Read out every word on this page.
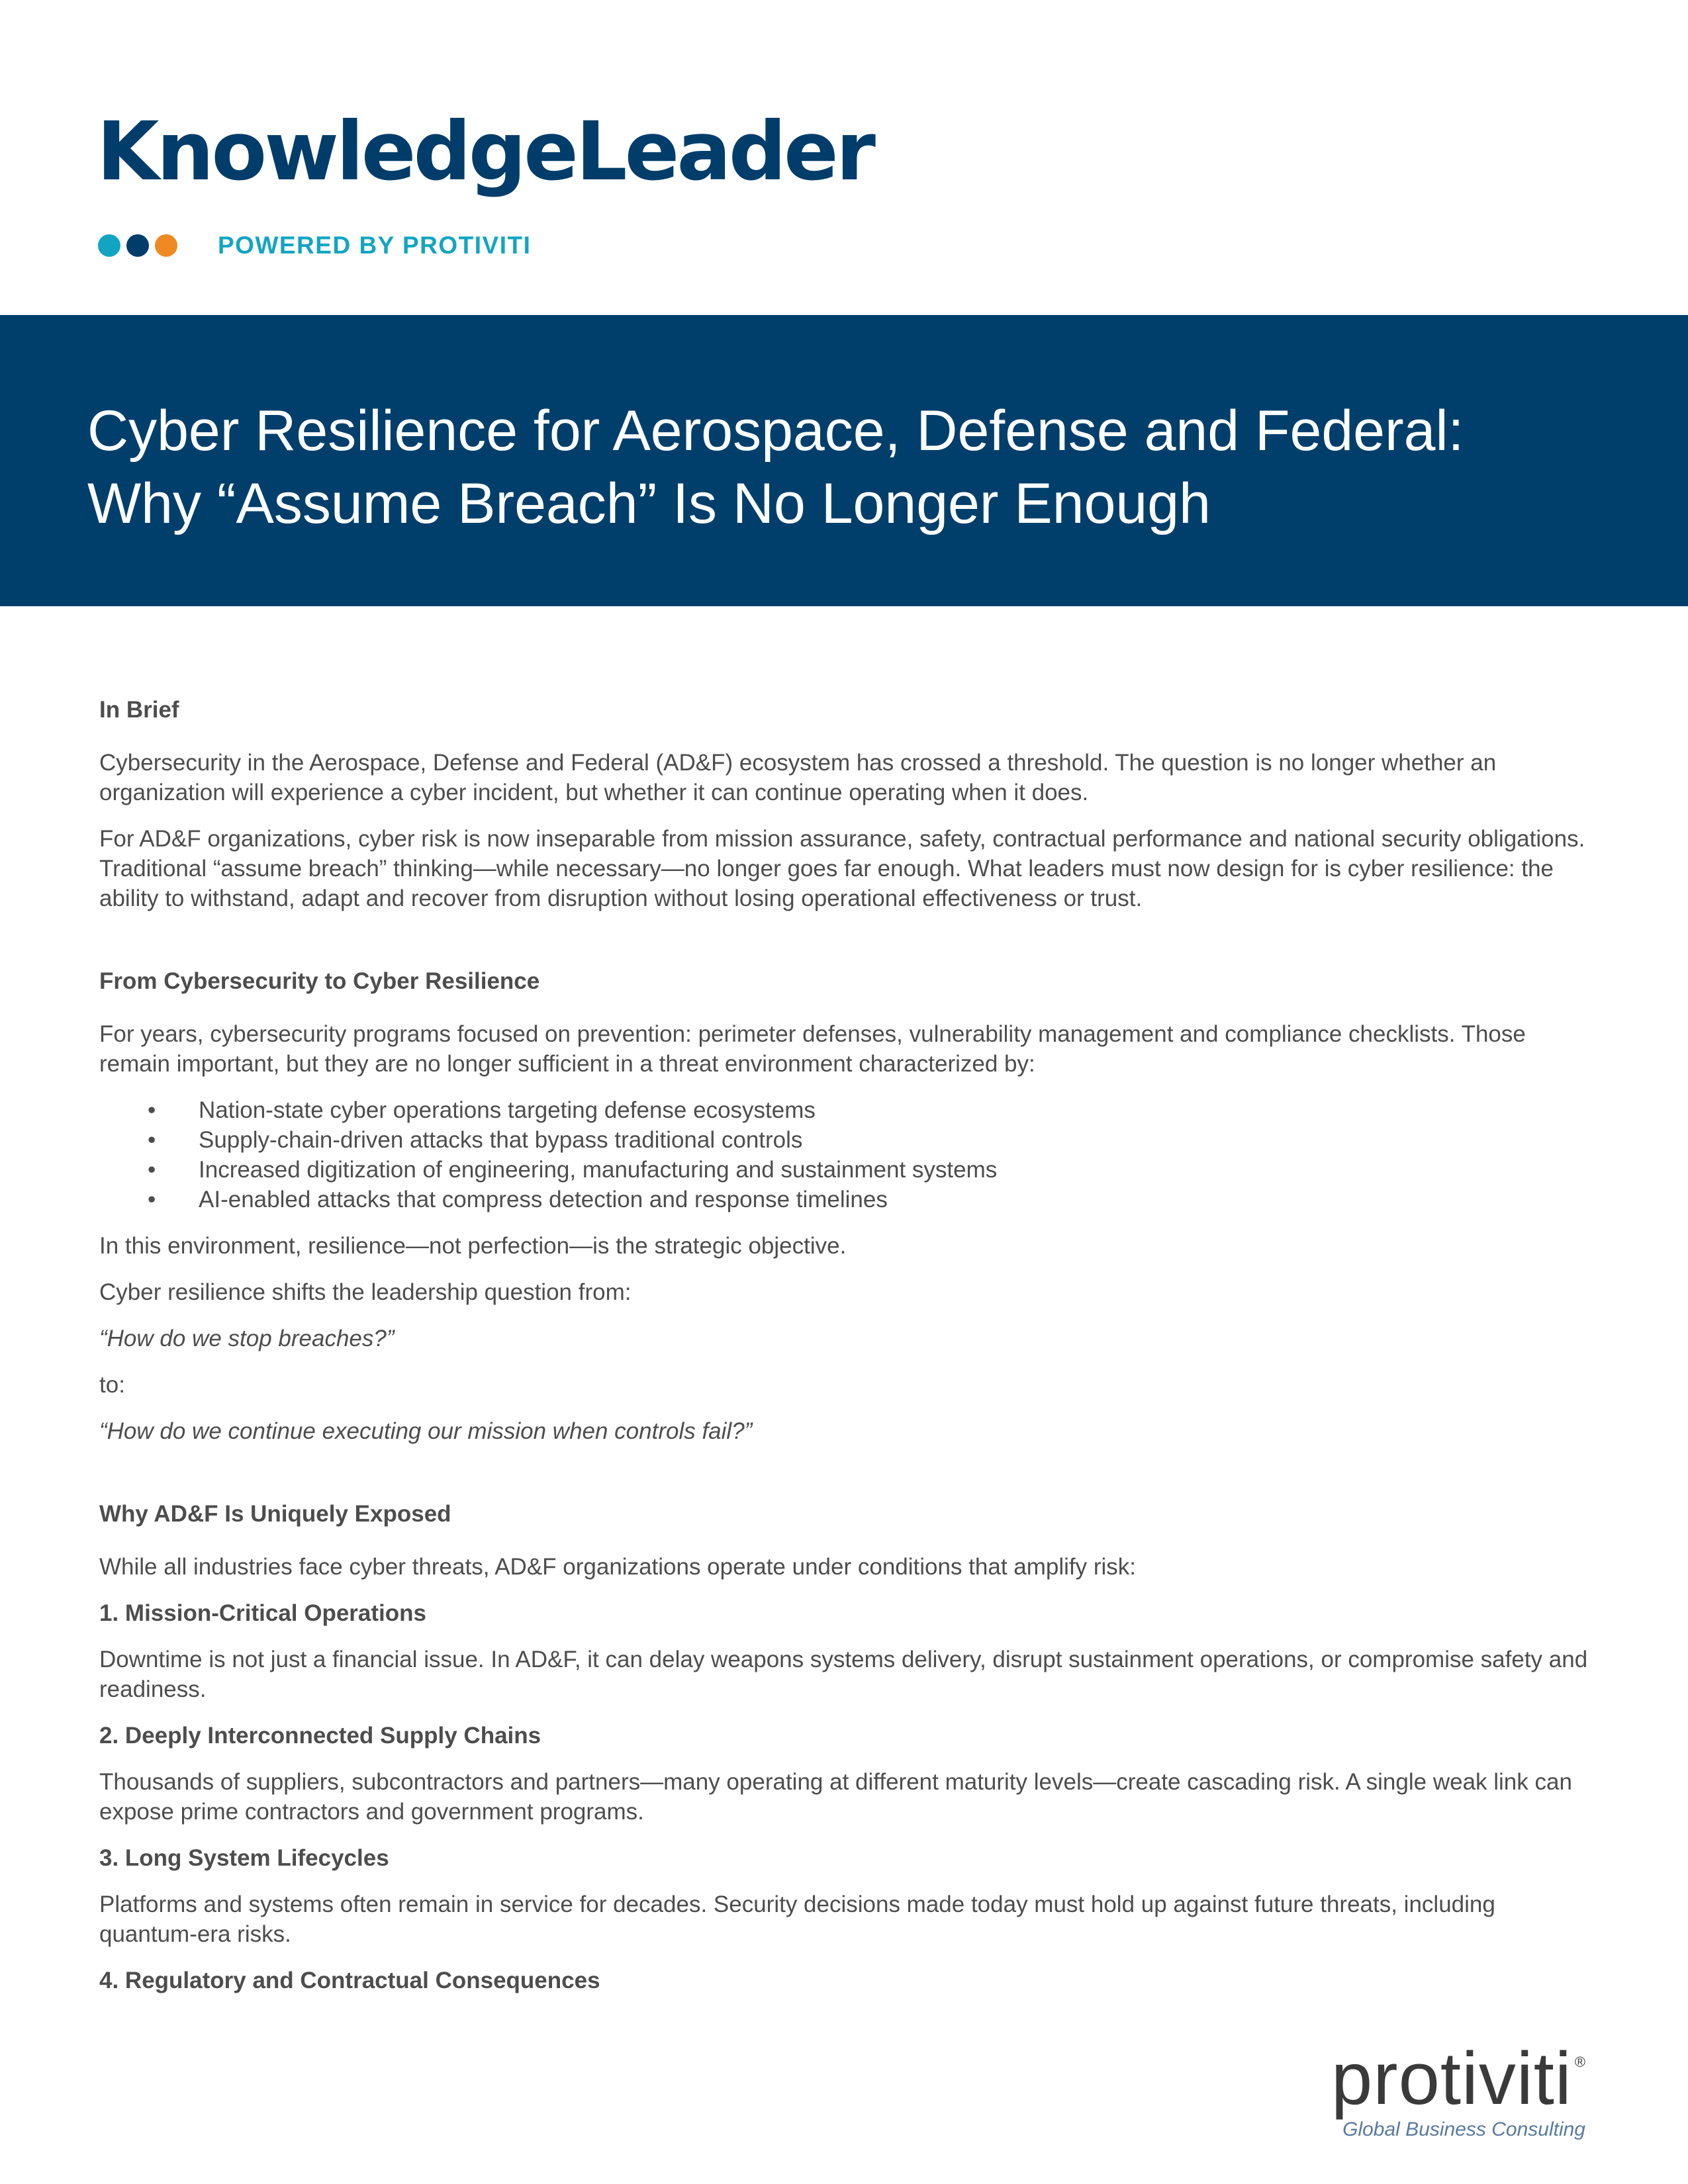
KnowledgeLeader
POWERED BY PROTIVITI
Cyber Resilience for Aerospace, Defense and Federal:
Why “Assume Breach” Is No Longer Enough
In Brief

Cybersecurity in the Aerospace, Defense and Federal (AD&F) ecosystem has crossed a threshold. The question is no longer whether an organization will experience a cyber incident, but whether it can continue operating when it does.

For AD&F organizations, cyber risk is now inseparable from mission assurance, safety, contractual performance and national security obligations. Traditional “assume breach” thinking—while necessary—no longer goes far enough. What leaders must now design for is cyber resilience: the ability to withstand, adapt and recover from disruption without losing operational effectiveness or trust.

From Cybersecurity to Cyber Resilience

For years, cybersecurity programs focused on prevention: perimeter defenses, vulnerability management and compliance checklists. Those remain important, but they are no longer sufficient in a threat environment characterized by:

• Nation-state cyber operations targeting defense ecosystems
• Supply-chain-driven attacks that bypass traditional controls
• Increased digitization of engineering, manufacturing and sustainment systems
• AI-enabled attacks that compress detection and response timelines

In this environment, resilience—not perfection—is the strategic objective.

Cyber resilience shifts the leadership question from:

“How do we stop breaches?”

to:

“How do we continue executing our mission when controls fail?”

Why AD&F Is Uniquely Exposed

While all industries face cyber threats, AD&F organizations operate under conditions that amplify risk:

1. Mission-Critical Operations

Downtime is not just a financial issue. In AD&F, it can delay weapons systems delivery, disrupt sustainment operations, or compromise safety and readiness.

2. Deeply Interconnected Supply Chains

Thousands of suppliers, subcontractors and partners—many operating at different maturity levels—create cascading risk. A single weak link can expose prime contractors and government programs.

3. Long System Lifecycles

Platforms and systems often remain in service for decades. Security decisions made today must hold up against future threats, including quantum-era risks.

4. Regulatory and Contractual Consequences
protiviti ®
Global Business Consulting
